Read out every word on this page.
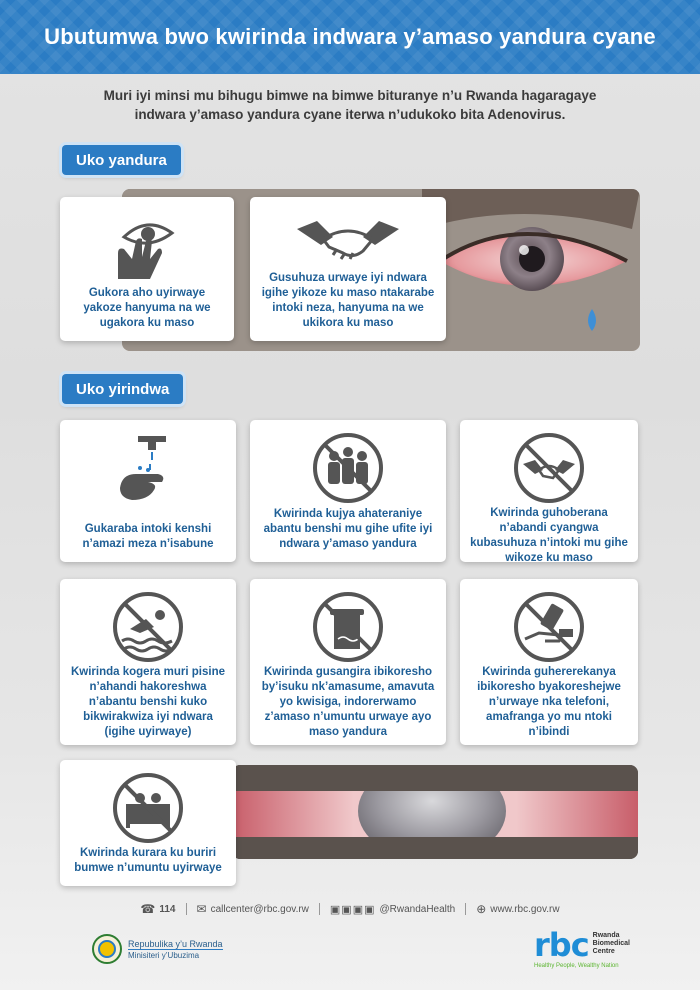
Ubutumwa bwo kwirinda indwara y’amaso yandura cyane
Muri iyi minsi mu bihugu bimwe na bimwe bituranye n’u Rwanda hagaragaye
indwara y’amaso yandura cyane iterwa n’udukoko bita Adenovirus.
Uko yandura
Gukora aho uyirwaye yakoze hanyuma na we ugakora ku maso
Gusuhuza urwaye iyi ndwara igihe yikoze ku maso ntakarabe intoki neza, hanyuma na we ukikora ku maso
Uko yirindwa
Gukaraba intoki kenshi n’amazi meza n’isabune
Kwirinda kujya ahateraniye abantu benshi mu gihe ufite iyi ndwara y’amaso yandura
Kwirinda guhoberana n’abandi cyangwa kubasuhuza n’intoki mu gihe wikoze ku maso
Kwirinda kogera muri pisine n’ahandi hakoreshwa n’abantu benshi kuko bikwirakwiza iyi ndwara (igihe uyirwaye)
Kwirinda gusangira ibikoresho by’isuku nk’amasume, amavuta yo kwisiga, indorerwamo z’amaso n’umuntu urwaye ayo maso yandura
Kwirinda guhererekanya ibikoresho byakoreshejwe n’urwaye nka telefoni, amafranga yo mu ntoki n’ibindi
Kwirinda kurara ku buriri bumwe n’umuntu uyirwaye
☎ 114 ✉ callcenter@rbc.gov.rw ▣▣▣▣ @RwandaHealth ⊕ www.rbc.gov.rw
Repubulika y’u Rwanda
Minisiteri y’Ubuzima	rbc Rwanda
Biomedical
Centre
Healthy People, Wealthy Nation
